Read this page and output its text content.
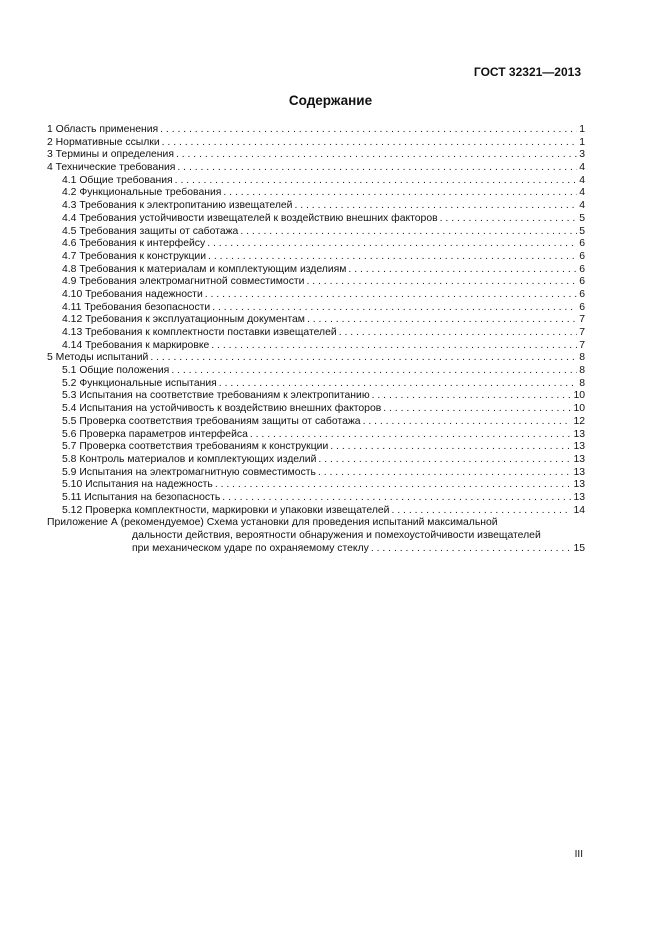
ГОСТ 32321—2013
Содержание
1 Область применения . . .	1
2 Нормативные ссылки . . .	1
3 Термины и определения . . .	3
4 Технические требования . . .	4
4.1 Общие требования . . .	4
4.2 Функциональные требования . . .	4
4.3 Требования к электропитанию извещателей . . .	4
4.4 Требования устойчивости извещателей к воздействию внешних факторов . . .	5
4.5 Требования защиты от саботажа . . .	5
4.6 Требования к интерфейсу . . .	6
4.7 Требования к конструкции . . .	6
4.8 Требования к материалам и комплектующим изделиям . . .	6
4.9 Требования электромагнитной совместимости . . .	6
4.10 Требования надежности . . .	6
4.11 Требования безопасности . . .	6
4.12 Требования к эксплуатационным документам . . .	7
4.13 Требования к комплектности поставки извещателей . . .	7
4.14 Требования к маркировке . . .	7
5 Методы испытаний . . .	8
5.1 Общие положения . . .	8
5.2 Функциональные испытания . . .	8
5.3 Испытания на соответствие требованиям к электропитанию . . .	10
5.4 Испытания на устойчивость к воздействию внешних факторов . . .	10
5.5 Проверка соответствия требованиям защиты от саботажа . . .	12
5.6 Проверка параметров интерфейса . . .	13
5.7 Проверка соответствия требованиям к конструкции . . .	13
5.8 Контроль материалов и комплектующих изделий . . .	13
5.9 Испытания на электромагнитную совместимость . . .	13
5.10 Испытания на надежность . . .	13
5.11 Испытания на безопасность . . .	13
5.12 Проверка комплектности, маркировки и упаковки извещателей . . .	14
Приложение А (рекомендуемое) Схема установки для проведения испытаний максимальной
дальности действия, вероятности обнаружения и помехоустойчивости извещателей
при механическом ударе по охраняемому стеклу . . .	15
III
